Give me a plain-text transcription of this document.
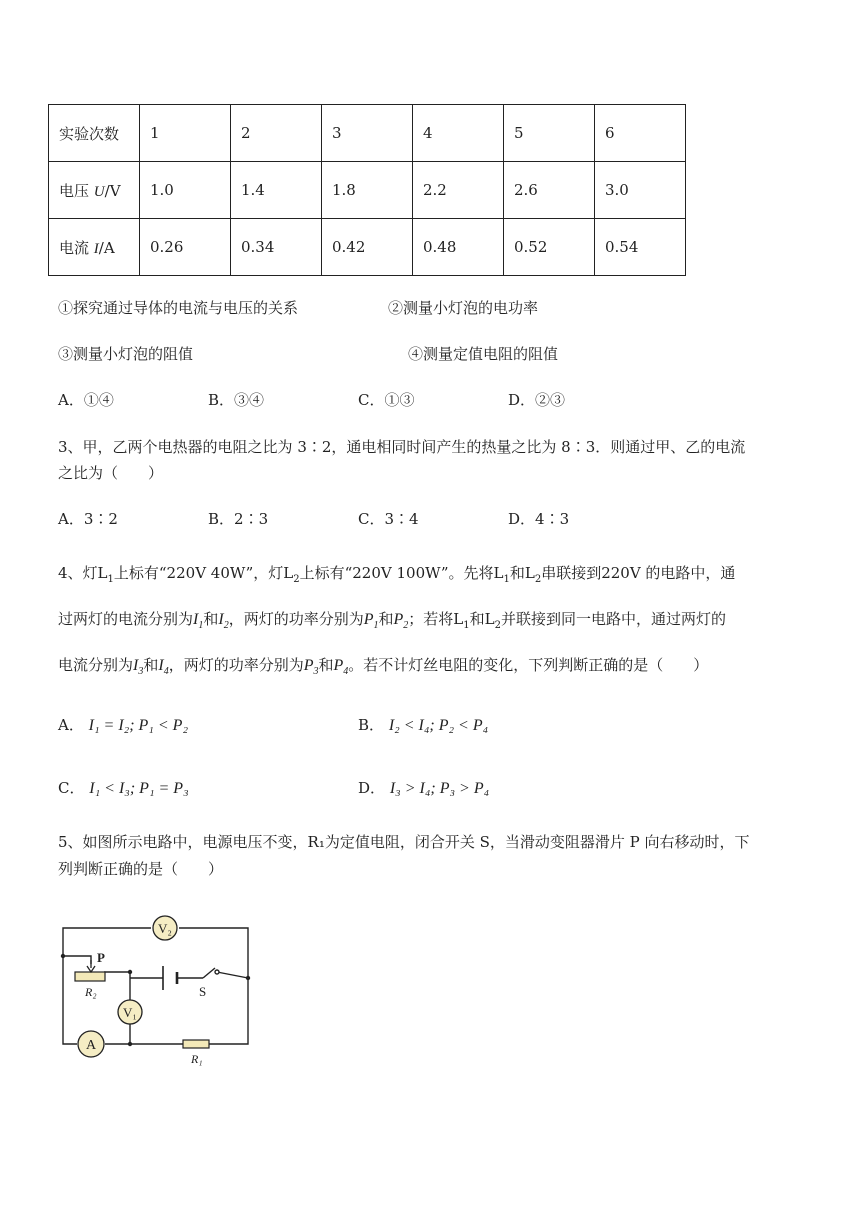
实验次数	1	2	3	4	5	6
电压 U/V	1.0	1.4	1.8	2.2	2.6	3.0
电流 I/A	0.26	0.34	0.42	0.48	0.52	0.54
①探究通过导体的电流与电压的关系	②测量小灯泡的电功率
③测量小灯泡的阻值	④测量定值电阻的阻值
A．①④	B．③④	C．①③	D．②③
3、甲，乙两个电热器的电阻之比为 3∶2，通电相同时间产生的热量之比为 8∶3．则通过甲、乙的电流
之比为（　　）
A．3∶2	B．2∶3	C．3∶4	D．4∶3
4、灯$L_1$上标有“220V 40W”，灯$L_2$上标有“220V 100W”。先将$L_1$和$L_2$串联接到220V 的电路中，通
过两灯的电流分别为$I_1$和$I_2$，两灯的功率分别为$P_1$和$P_2$；若将$L_1$和$L_2$并联接到同一电路中，通过两灯的
电流分别为$I_3$和$I_4$，两灯的功率分别为$P_3$和$P_4$。若不计灯丝电阻的变化，下列判断正确的是（　　）
A． I₁ = I₂; P₁ < P₂	B． I₂ < I₄; P₂ < P₄
C． I₁ < I₃; P₁ = P₃	D． I₃ > I₄; P₃ > P₄
5、如图所示电路中，电源电压不变，R₁为定值电阻，闭合开关 S，当滑动变阻器滑片 P 向右移动时，下
列判断正确的是（　　）
V₂
V₁
A
P
R₂
R₁
S
